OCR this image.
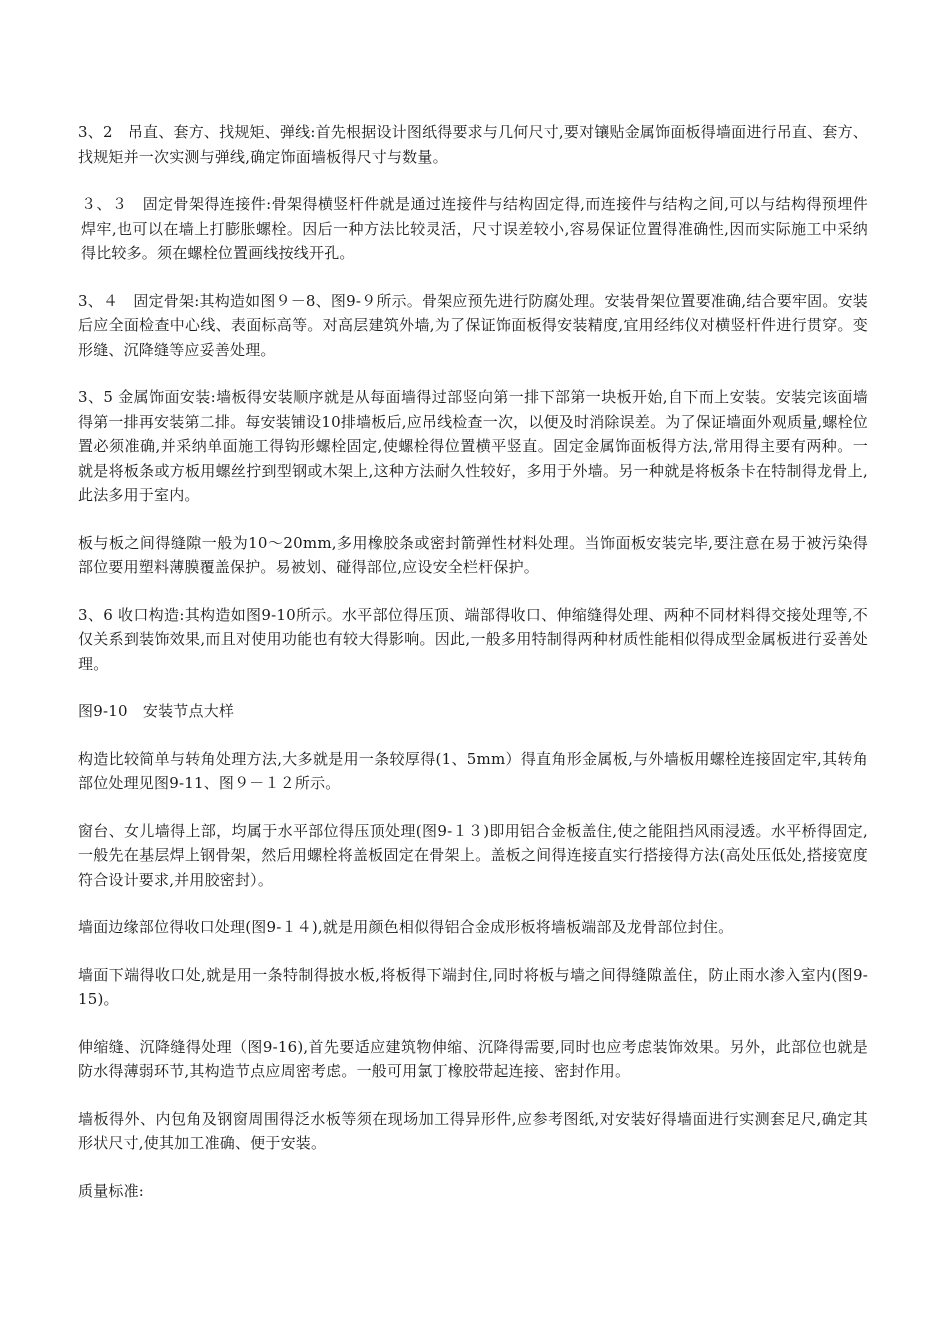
3、2　吊直、套方、找规矩、弹线:首先根据设计图纸得要求与几何尺寸,要对镶贴金属饰面板得墙面进行吊直、套方、找规矩并一次实测与弹线,确定饰面墙板得尺寸与数量。

３、３　固定骨架得连接件:骨架得横竖杆件就是通过连接件与结构固定得,而连接件与结构之间,可以与结构得预埋件焊牢,也可以在墙上打膨胀螺栓。因后一种方法比较灵活，尺寸误差较小,容易保证位置得准确性,因而实际施工中采纳得比较多。须在螺栓位置画线按线开孔。

3、４　固定骨架:其构造如图９－8、图9-９所示。骨架应预先进行防腐处理。安装骨架位置要准确,结合要牢固。安装后应全面检查中心线、表面标高等。对高层建筑外墙,为了保证饰面板得安装精度,宜用经纬仪对横竖杆件进行贯穿。变形缝、沉降缝等应妥善处理。

3、5 金属饰面安装:墙板得安装顺序就是从每面墙得过部竖向第一排下部第一块板开始,自下而上安装。安装完该面墙得第一排再安装第二排。每安装铺设10排墙板后,应吊线检查一次，以便及时消除误差。为了保证墙面外观质量,螺栓位置必须准确,并采纳单面施工得钩形螺栓固定,使螺栓得位置横平竖直。固定金属饰面板得方法,常用得主要有两种。一就是将板条或方板用螺丝拧到型钢或木架上,这种方法耐久性较好，多用于外墙。另一种就是将板条卡在特制得龙骨上,此法多用于室内。

板与板之间得缝隙一般为10～20mm,多用橡胶条或密封箭弹性材料处理。当饰面板安装完毕,要注意在易于被污染得部位要用塑料薄膜覆盖保护。易被划、碰得部位,应设安全栏杆保护。

3、6 收口构造:其构造如图9-10所示。水平部位得压顶、端部得收口、伸缩缝得处理、两种不同材料得交接处理等,不仅关系到装饰效果,而且对使用功能也有较大得影响。因此,一般多用特制得两种材质性能相似得成型金属板进行妥善处理。

图9-10　安装节点大样

构造比较简单与转角处理方法,大多就是用一条较厚得(1、5mm）得直角形金属板,与外墙板用螺栓连接固定牢,其转角部位处理见图9-11、图９－１２所示。

窗台、女儿墙得上部，均属于水平部位得压顶处理(图9-１３)即用铝合金板盖住,使之能阻挡风雨浸透。水平桥得固定,一般先在基层焊上钢骨架，然后用螺栓将盖板固定在骨架上。盖板之间得连接直实行搭接得方法(高处压低处,搭接宽度符合设计要求,并用胶密封）。

墙面边缘部位得收口处理(图9-１４),就是用颜色相似得铝合金成形板将墙板端部及龙骨部位封住。

墙面下端得收口处,就是用一条特制得披水板,将板得下端封住,同时将板与墙之间得缝隙盖住，防止雨水渗入室内(图9-15)。

伸缩缝、沉降缝得处理（图9-16),首先要适应建筑物伸缩、沉降得需要,同时也应考虑装饰效果。另外，此部位也就是防水得薄弱环节,其构造节点应周密考虑。一般可用氯丁橡胶带起连接、密封作用。

墙板得外、内包角及钢窗周围得泛水板等须在现场加工得异形件,应参考图纸,对安装好得墙面进行实测套足尺,确定其形状尺寸,使其加工准确、便于安装。

质量标准:
